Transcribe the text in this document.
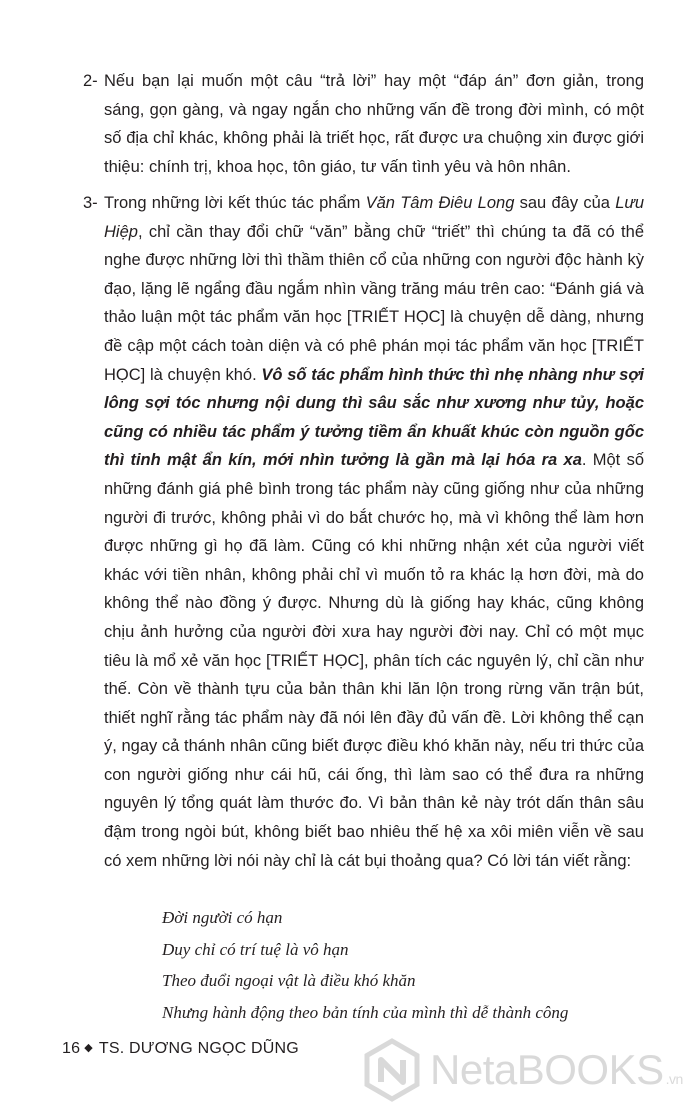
2- Nếu bạn lại muốn một câu “trả lời” hay một “đáp án” đơn giản, trong sáng, gọn gàng, và ngay ngắn cho những vấn đề trong đời mình, có một số địa chỉ khác, không phải là triết học, rất được ưa chuộng xin được giới thiệu: chính trị, khoa học, tôn giáo, tư vấn tình yêu và hôn nhân.
3- Trong những lời kết thúc tác phẩm Văn Tâm Điêu Long sau đây của Lưu Hiệp, chỉ cần thay đổi chữ “văn” bằng chữ “triết” thì chúng ta đã có thể nghe được những lời thì thầm thiên cổ của những con người độc hành kỳ đạo, lặng lẽ ngẩng đầu ngắm nhìn vầng trăng máu trên cao: “Đánh giá và thảo luận một tác phẩm văn học [TRIẾT HỌC] là chuyện dễ dàng, nhưng đề cập một cách toàn diện và có phê phán mọi tác phẩm văn học [TRIẾT HỌC] là chuyện khó. Vô số tác phẩm hình thức thì nhẹ nhàng như sợi lông sợi tóc nhưng nội dung thì sâu sắc như xương như tủy, hoặc cũng có nhiều tác phẩm ý tưởng tiềm ẩn khuất khúc còn nguồn gốc thì tinh mật ẩn kín, mới nhìn tưởng là gần mà lại hóa ra xa. Một số những đánh giá phê bình trong tác phẩm này cũng giống như của những người đi trước, không phải vì do bắt chước họ, mà vì không thể làm hơn được những gì họ đã làm. Cũng có khi những nhận xét của người viết khác với tiền nhân, không phải chỉ vì muốn tỏ ra khác lạ hơn đời, mà do không thể nào đồng ý được. Nhưng dù là giống hay khác, cũng không chịu ảnh hưởng của người đời xưa hay người đời nay. Chỉ có một mục tiêu là mổ xẻ văn học [TRIẾT HỌC], phân tích các nguyên lý, chỉ cần như thế. Còn về thành tựu của bản thân khi lăn lộn trong rừng văn trận bút, thiết nghĩ rằng tác phẩm này đã nói lên đầy đủ vấn đề. Lời không thể cạn ý, ngay cả thánh nhân cũng biết được điều khó khăn này, nếu tri thức của con người giống như cái hũ, cái ống, thì làm sao có thể đưa ra những nguyên lý tổng quát làm thước đo. Vì bản thân kẻ này trót dấn thân sâu đậm trong ngòi bút, không biết bao nhiêu thế hệ xa xôi miên viễn về sau có xem những lời nói này chỉ là cát bụi thoảng qua? Có lời tán viết rằng:
Đời người có hạn
Duy chỉ có trí tuệ là vô hạn
Theo đuổi ngoại vật là điều khó khăn
Nhưng hành động theo bản tính của mình thì dễ thành công
16 ◆ TS. DƯƠNG NGỌC DŨNG	NetaBOOKS .vn
